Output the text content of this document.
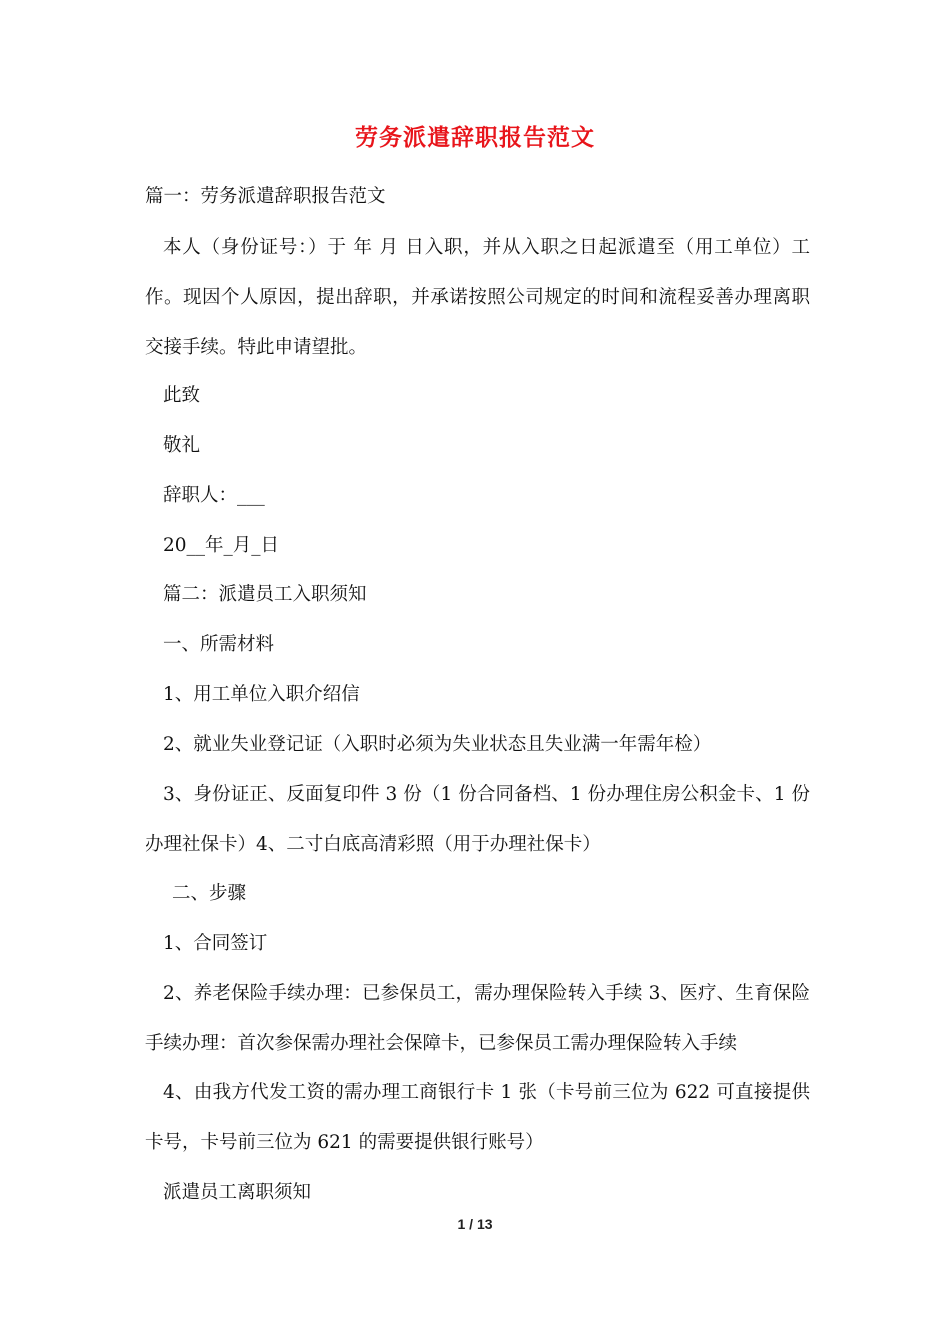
劳务派遣辞职报告范文
篇一：劳务派遣辞职报告范文
本人（身份证号：）于 年 月 日入职，并从入职之日起派遣至（用工单位）工作。现因个人原因，提出辞职，并承诺按照公司规定的时间和流程妥善办理离职交接手续。特此申请望批。
此致
敬礼
辞职人：___
20__年_月_日
篇二：派遣员工入职须知
一、所需材料
1、用工单位入职介绍信
2、就业失业登记证（入职时必须为失业状态且失业满一年需年检）
3、身份证正、反面复印件 3 份（1 份合同备档、1 份办理住房公积金卡、1 份办理社保卡）4、二寸白底高清彩照（用于办理社保卡）
二、步骤
1、合同签订
2、养老保险手续办理：已参保员工，需办理保险转入手续 3、医疗、生育保险手续办理：首次参保需办理社会保障卡，已参保员工需办理保险转入手续
4、由我方代发工资的需办理工商银行卡 1 张（卡号前三位为 622 可直接提供卡号，卡号前三位为 621 的需要提供银行账号）
派遣员工离职须知
1 / 13
